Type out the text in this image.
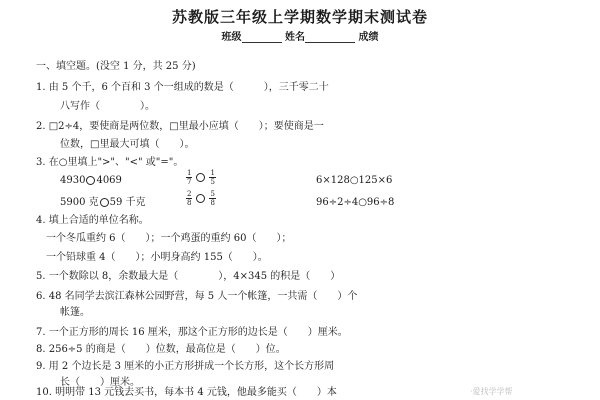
苏教版三年级上学期数学期末测试卷
班级	姓名	成绩
一、填空题。(没空 1 分，共 25 分)
1. 由 5 个千，6 个百和 3 个一组成的数是（　　　），三千零二十
八写作（　　　　）。
2. □2÷4，要使商是两位数，□里最小应填（　　）；要使商是一
位数，□里最大可填（　　）。
3. 在○里填上">"、"<" 或"="。
4930 4069	$\frac{1}{7} \frac{1}{5}$	6×128○125×6
5900 克 59 千克	$\frac{2}{8} \frac{5}{8}$	96÷2÷4○96÷8
4. 填上合适的单位名称。
一个冬瓜重约 6（　　）；一个鸡蛋的重约 60（　　）；
一个铅球重 4（　　）；小明身高约 155（　　）。
5. 一个数除以 8，余数最大是（　　　　），4×345 的积是（　　）
6. 48 名同学去滨江森林公园野营，每 5 人一个帐篷，一共需（　　）个
帐篷。
7. 一个正方形的周长 16 厘米，那这个正方形的边长是（　　）厘米。
8. 256÷5 的商是（　　）位数，最高位是（　　）位。
9. 用 2 个边长是 3 厘米的小正方形拼成一个长方形，这个长方形周
长（　　）厘米。
10. 明明带 13 元钱去买书，每本书 4 元钱，他最多能买（　　）本	·爱找学学帮
